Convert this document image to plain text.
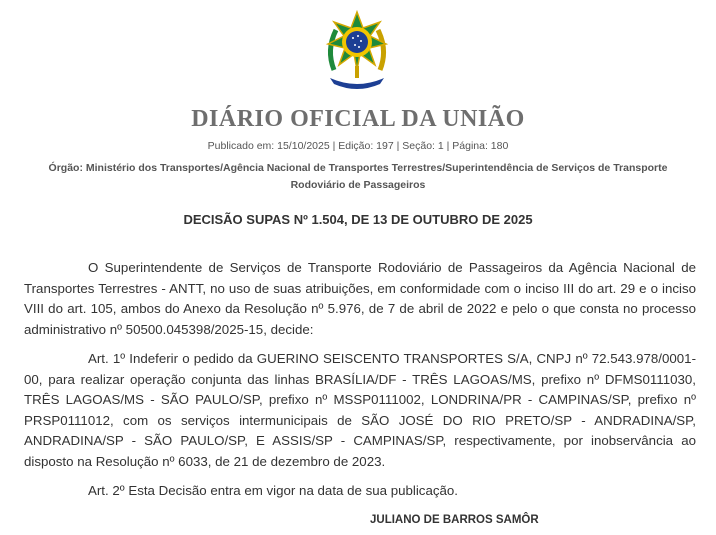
DIÁRIO OFICIAL DA UNIÃO
Publicado em: 15/10/2025 | Edição: 197 | Seção: 1 | Página: 180
Órgão: Ministério dos Transportes/Agência Nacional de Transportes Terrestres/Superintendência de Serviços de Transporte Rodoviário de Passageiros
DECISÃO SUPAS Nº 1.504, DE 13 DE OUTUBRO DE 2025

O Superintendente de Serviços de Transporte Rodoviário de Passageiros da Agência Nacional de Transportes Terrestres - ANTT, no uso de suas atribuições, em conformidade com o inciso III do art. 29 e o inciso VIII do art. 105, ambos do Anexo da Resolução nº 5.976, de 7 de abril de 2022 e pelo o que consta no processo administrativo nº 50500.045398/2025-15, decide:

Art. 1º Indeferir o pedido da GUERINO SEISCENTO TRANSPORTES S/A, CNPJ nº 72.543.978/0001-00, para realizar operação conjunta das linhas BRASÍLIA/DF - TRÊS LAGOAS/MS, prefixo nº DFMS0111030, TRÊS LAGOAS/MS - SÃO PAULO/SP, prefixo nº MSSP0111002, LONDRINA/PR - CAMPINAS/SP, prefixo nº PRSP0111012, com os serviços intermunicipais de SÃO JOSÉ DO RIO PRETO/SP - ANDRADINA/SP, ANDRADINA/SP - SÃO PAULO/SP, E ASSIS/SP - CAMPINAS/SP, respectivamente, por inobservância ao disposto na Resolução nº 6033, de 21 de dezembro de 2023.

Art. 2º Esta Decisão entra em vigor na data de sua publicação.

JULIANO DE BARROS SAMÔR
